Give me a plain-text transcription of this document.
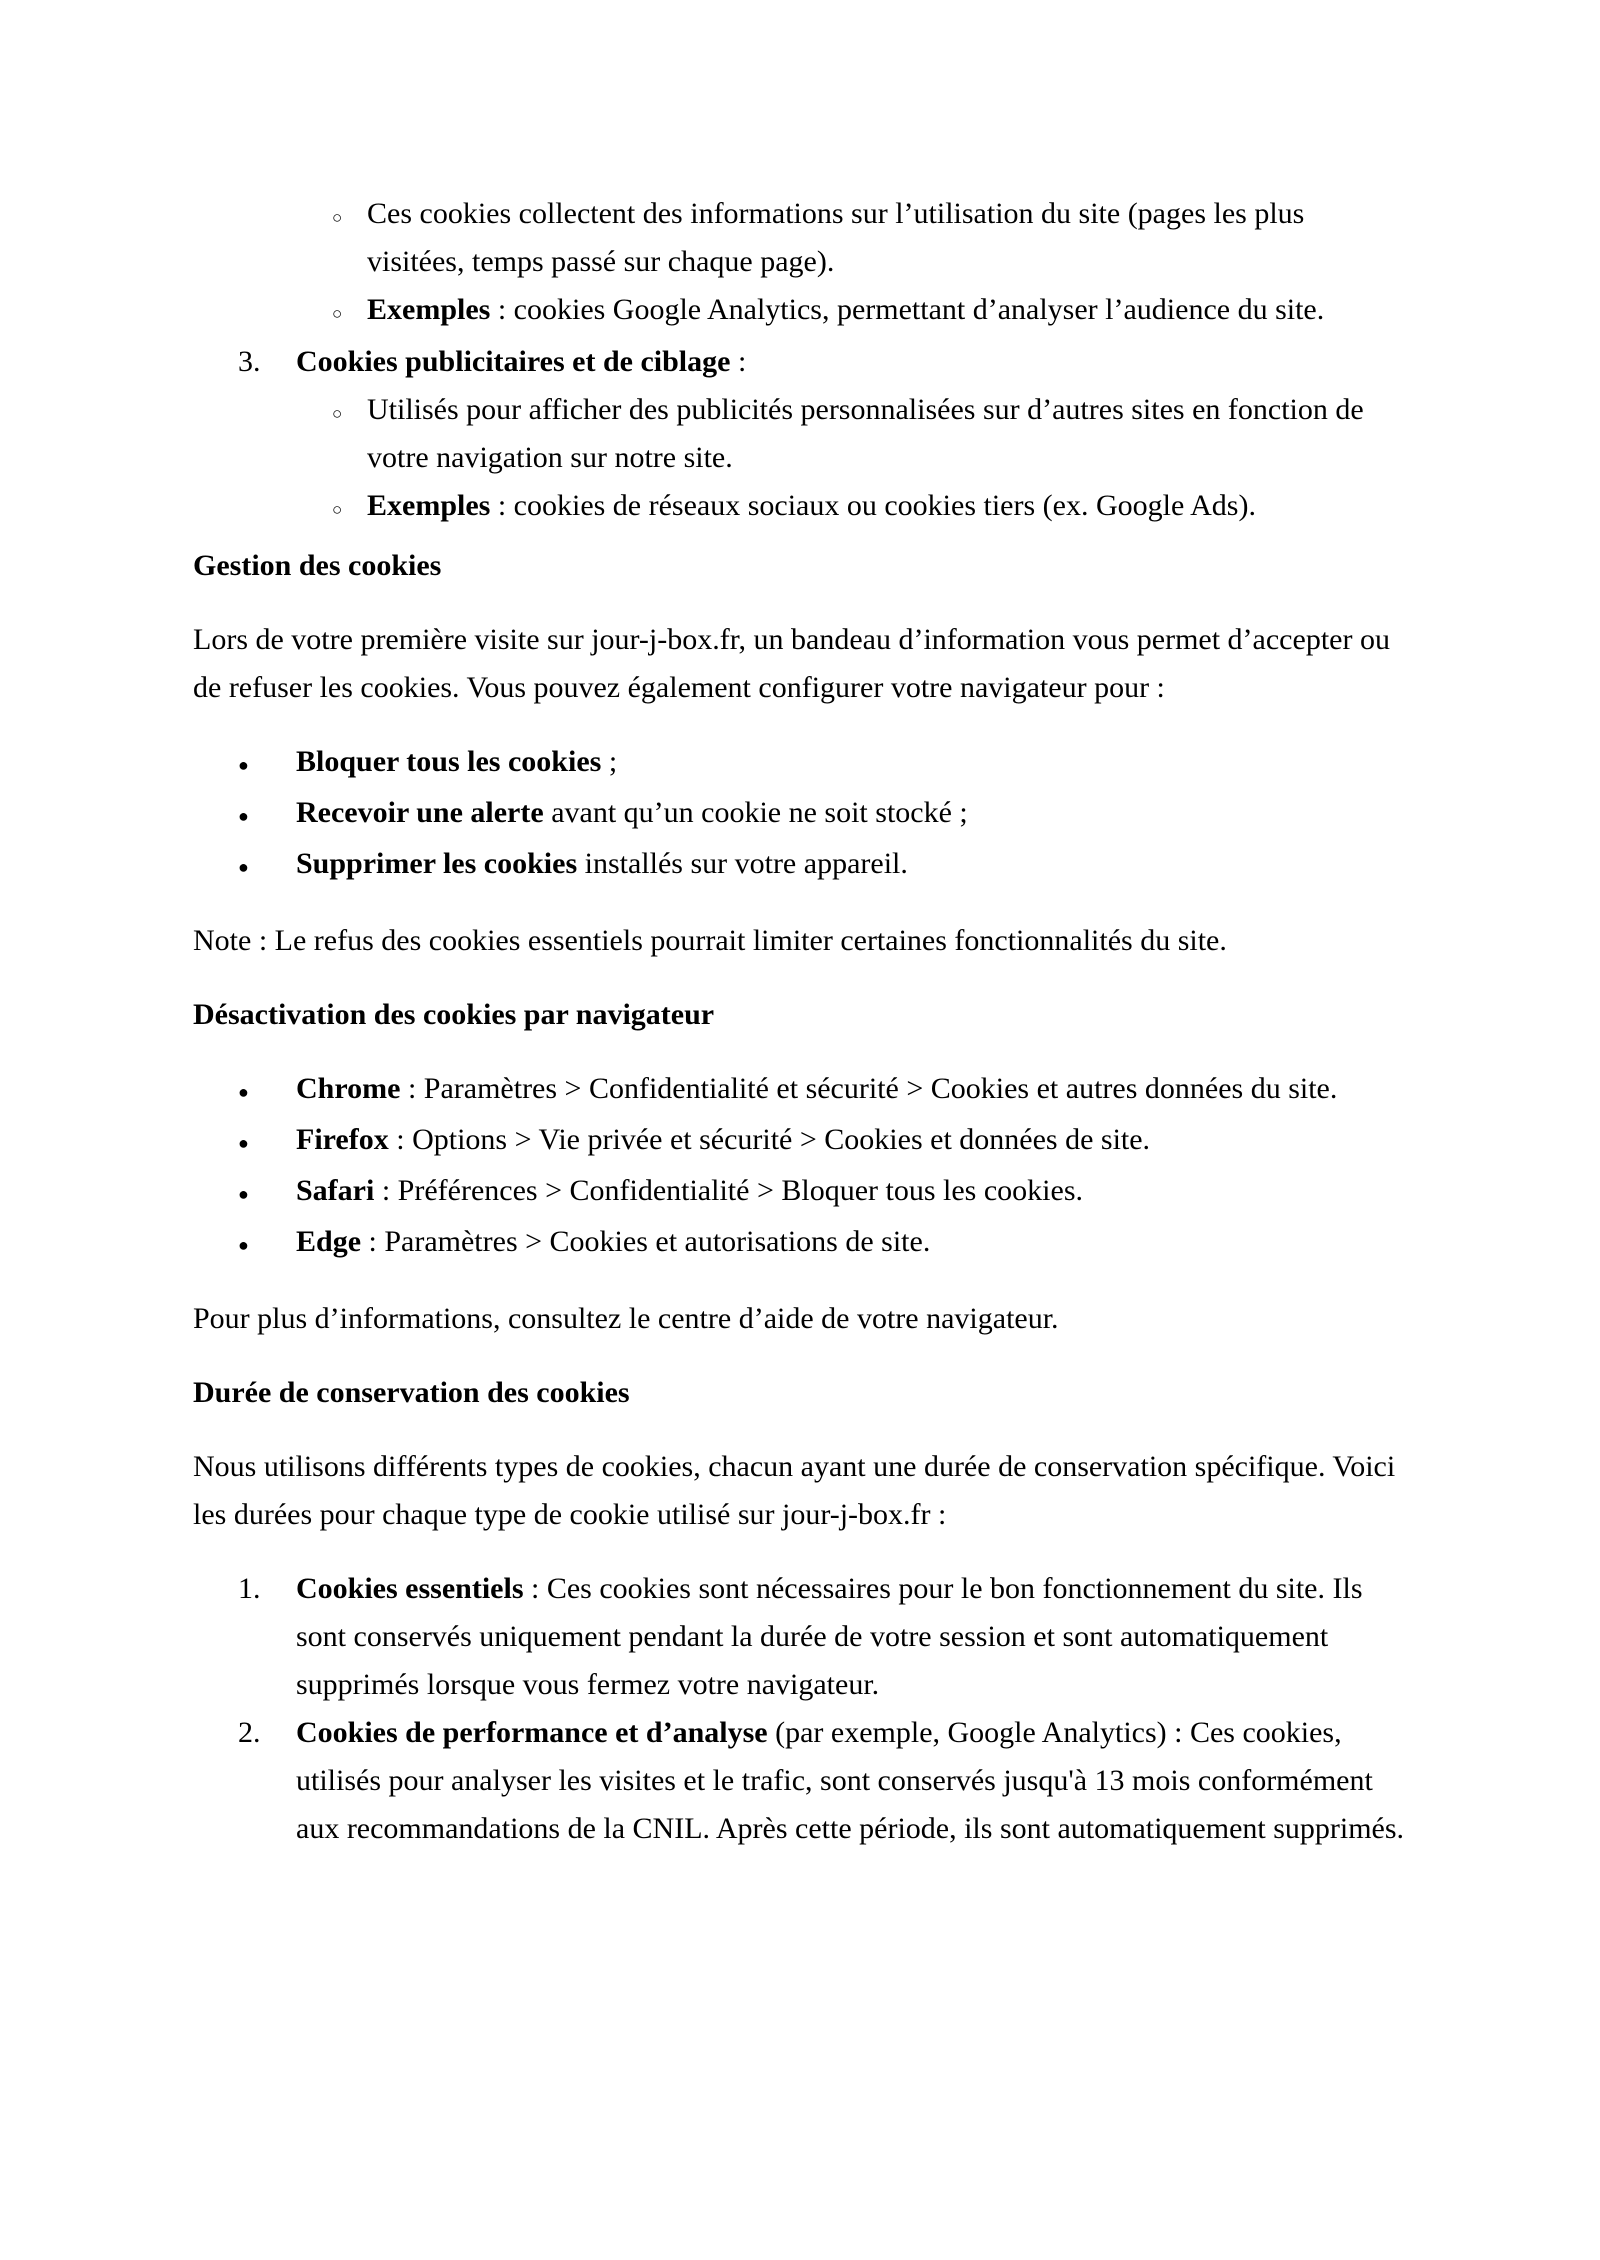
○ Ces cookies collectent des informations sur l’utilisation du site (pages les plus visitées, temps passé sur chaque page).
○ Exemples : cookies Google Analytics, permettant d’analyser l’audience du site.
3.	Cookies publicitaires et de ciblage :
○ Utilisés pour afficher des publicités personnalisées sur d’autres sites en fonction de votre navigation sur notre site.
○ Exemples : cookies de réseaux sociaux ou cookies tiers (ex. Google Ads).
Gestion des cookies

Lors de votre première visite sur jour-j-box.fr, un bandeau d’information vous permet d’accepter ou de refuser les cookies. Vous pouvez également configurer votre navigateur pour :

●	Bloquer tous les cookies ;
●	Recevoir une alerte avant qu’un cookie ne soit stocké ;
●	Supprimer les cookies installés sur votre appareil.

Note : Le refus des cookies essentiels pourrait limiter certaines fonctionnalités du site.

Désactivation des cookies par navigateur
●	Chrome : Paramètres > Confidentialité et sécurité > Cookies et autres données du site.
●	Firefox : Options > Vie privée et sécurité > Cookies et données de site.
●	Safari : Préférences > Confidentialité > Bloquer tous les cookies.
●	Edge : Paramètres > Cookies et autorisations de site.

Pour plus d’informations, consultez le centre d’aide de votre navigateur.

Durée de conservation des cookies

Nous utilisons différents types de cookies, chacun ayant une durée de conservation spécifique. Voici les durées pour chaque type de cookie utilisé sur jour-j-box.fr :

1.	Cookies essentiels : Ces cookies sont nécessaires pour le bon fonctionnement du site. Ils sont conservés uniquement pendant la durée de votre session et sont automatiquement supprimés lorsque vous fermez votre navigateur.
2.	Cookies de performance et d’analyse (par exemple, Google Analytics) : Ces cookies, utilisés pour analyser les visites et le trafic, sont conservés jusqu'à 13 mois conformément aux recommandations de la CNIL. Après cette période, ils sont automatiquement supprimés.
